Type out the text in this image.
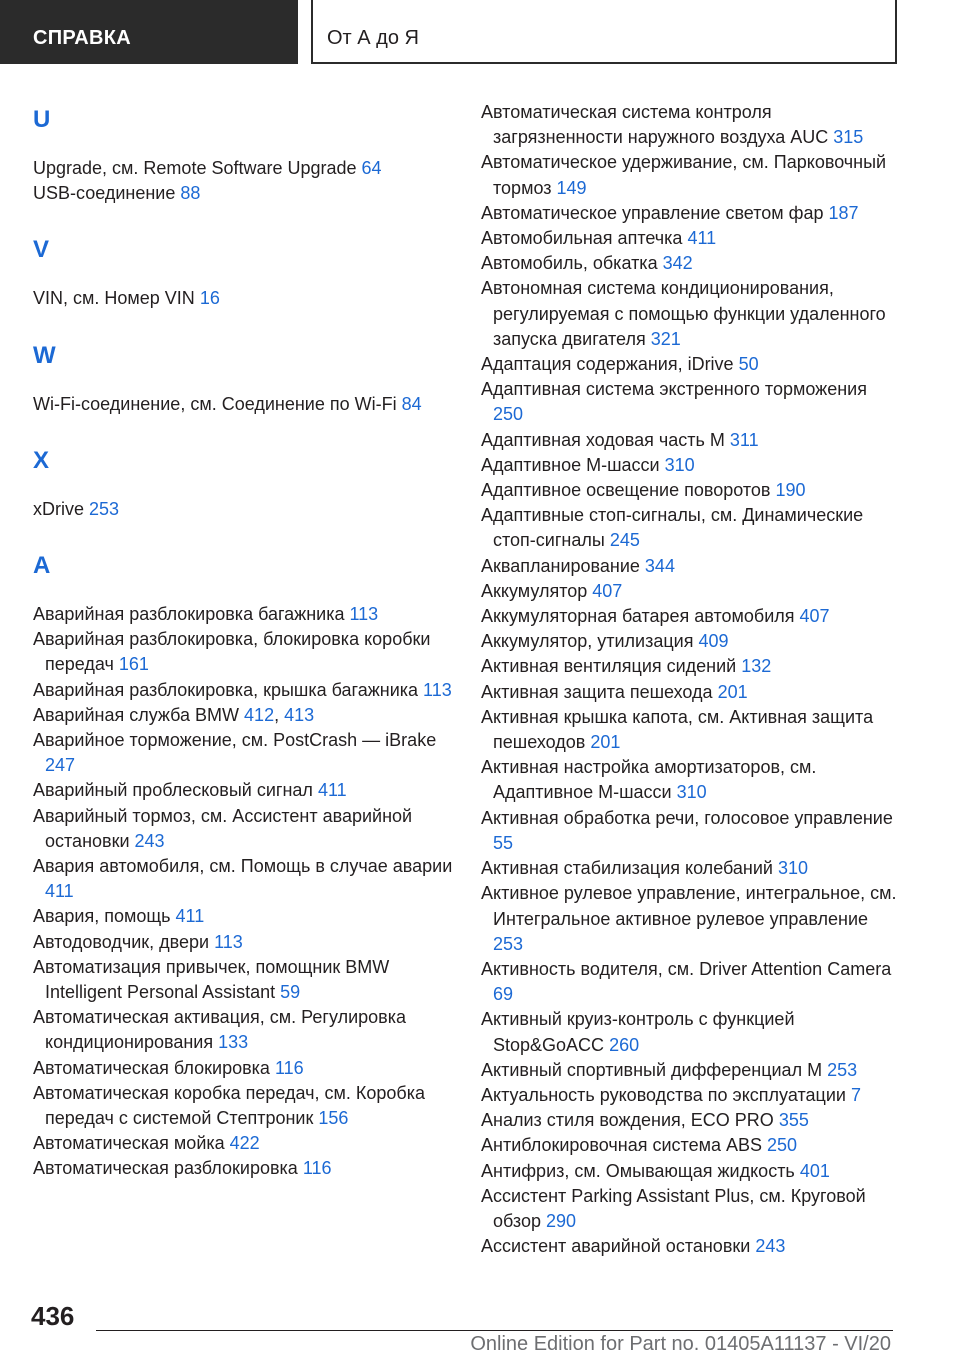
СПРАВКА	От А до Я
U

Upgrade, см. Remote Software Upgrade 64

USB-соединение 88

V

VIN, см. Номер VIN 16

W

Wi-Fi-соединение, см. Соединение по Wi-Fi 84

X

xDrive 253

А

Аварийная разблокировка багажника 113

Аварийная разблокировка, блокировка коробки передач 161

Аварийная разблокировка, крышка багажника 113

Аварийная служба BMW 412, 413

Аварийное торможение, см. PostCrash — iBrake 247

Аварийный проблесковый сигнал 411

Аварийный тормоз, см. Ассистент аварийной остановки 243

Авария автомобиля, см. Помощь в случае аварии 411

Авария, помощь 411

Автодоводчик, двери 113

Автоматизация привычек, помощник BMW Intelligent Personal Assistant 59

Автоматическая активация, см. Регулировка кондиционирования 133

Автоматическая блокировка 116

Автоматическая коробка передач, см. Коробка передач с системой Стептроник 156

Автоматическая мойка 422

Автоматическая разблокировка 116

Автоматическая система контроля загрязненности наружного воздуха AUC 315

Автоматическое удерживание, см. Парковочный тормоз 149

Автоматическое управление светом фар 187

Автомобильная аптечка 411

Автомобиль, обкатка 342

Автономная система кондиционирования, регулируемая с помощью функции удаленного запуска двигателя 321

Адаптация содержания, iDrive 50

Адаптивная система экстренного торможения 250

Адаптивная ходовая часть M 311

Адаптивное M-шасси 310

Адаптивное освещение поворотов 190

Адаптивные стоп-сигналы, см. Динамические стоп-сигналы 245

Аквапланирование 344

Аккумулятор 407

Аккумуляторная батарея автомобиля 407

Аккумулятор, утилизация 409

Активная вентиляция сидений 132

Активная защита пешехода 201

Активная крышка капота, см. Активная защита пешеходов 201

Активная настройка амортизаторов, см. Адаптивное M-шасси 310

Активная обработка речи, голосовое управление 55

Активная стабилизация колебаний 310

Активное рулевое управление, интегральное, см. Интегральное активное рулевое управление 253

Активность водителя, см. Driver Attention Camera 69

Активный круиз-контроль с функцией Stop&GoACC 260

Активный спортивный дифференциал M 253

Актуальность руководства по эксплуатации 7

Анализ стиля вождения, ECO PRO 355

Антиблокировочная система ABS 250

Антифриз, см. Омывающая жидкость 401

Ассистент Parking Assistant Plus, см. Круговой обзор 290

Ассистент аварийной остановки 243

436
Online Edition for Part no. 01405A11137 - VI/20
